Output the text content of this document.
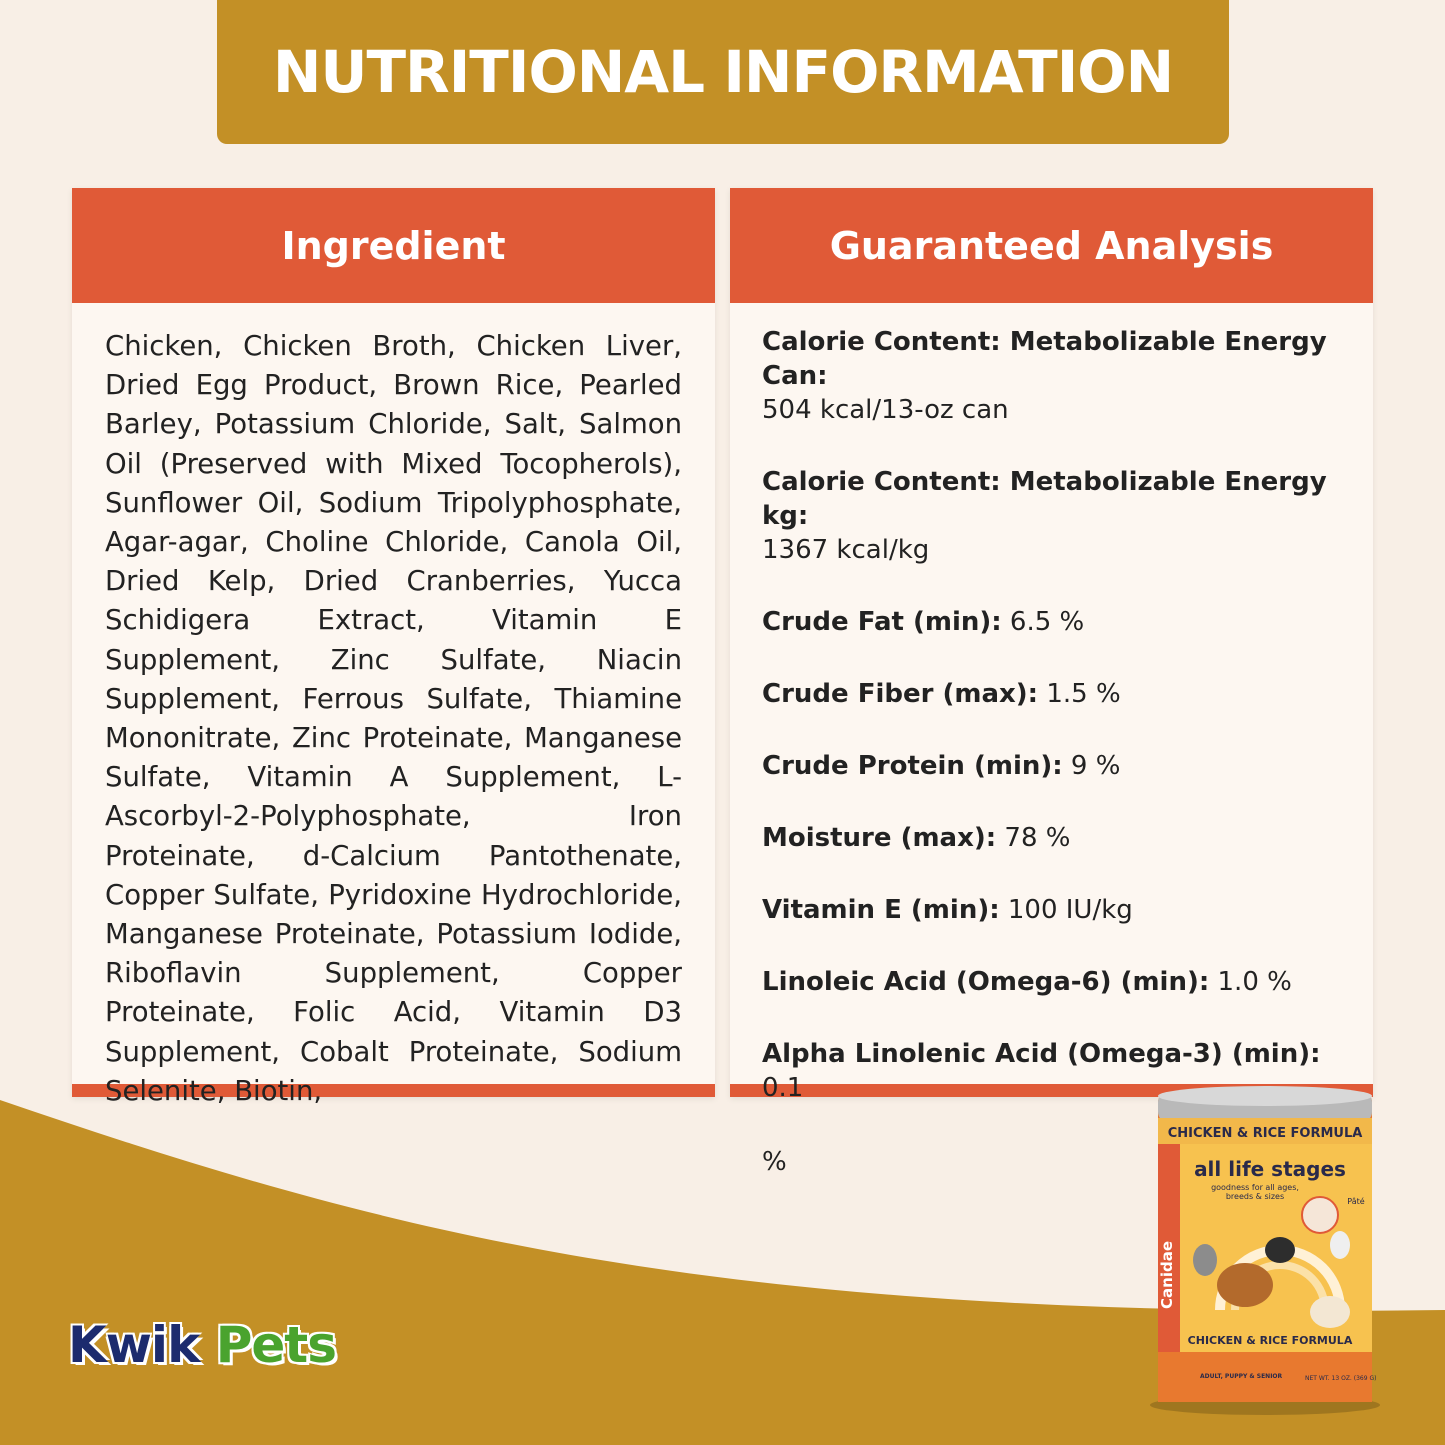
NUTRITIONAL INFORMATION
Ingredient
Chicken, Chicken Broth, Chicken Liver, Dried Egg Product, Brown Rice, Pearled Barley, Potassium Chloride, Salt, Salmon Oil (Preserved with Mixed Tocopherols), Sunflower Oil, Sodium Tripolyphosphate, Agar-agar, Choline Chloride, Canola Oil, Dried Kelp, Dried Cranberries, Yucca Schidigera Extract, Vitamin E Supplement, Zinc Sulfate, Niacin Supplement, Ferrous Sulfate, Thiamine Mononitrate, Zinc Proteinate, Manganese Sulfate, Vitamin A Supplement, L-Ascorbyl-2-Polyphosphate, Iron Proteinate, d-Calcium Pantothenate, Copper Sulfate, Pyridoxine Hydrochloride, Manganese Proteinate, Potassium Iodide, Riboflavin Supplement, Copper Proteinate, Folic Acid, Vitamin D3 Supplement, Cobalt Proteinate, Sodium Selenite, Biotin,
Guaranteed Analysis
Calorie Content: Metabolizable Energy Can:
504 kcal/13-oz can
Calorie Content: Metabolizable Energy kg:
1367 kcal/kg
Crude Fat (min): 6.5 %
Crude Fiber (max): 1.5 %
Crude Protein (min): 9 %
Moisture (max): 78 %
Vitamin E (min): 100 IU/kg
Linoleic Acid (Omega-6) (min): 1.0 %
Alpha Linolenic Acid (Omega-3) (min): 0.1
%
Kwik Pets
CHICKEN & RICE FORMULA
all life stages
goodness for all ages,
breeds & sizes
Pâté
Canidae
CHICKEN & RICE FORMULA
ADULT, PUPPY & SENIOR	NET WT. 13 OZ. (369 G)
